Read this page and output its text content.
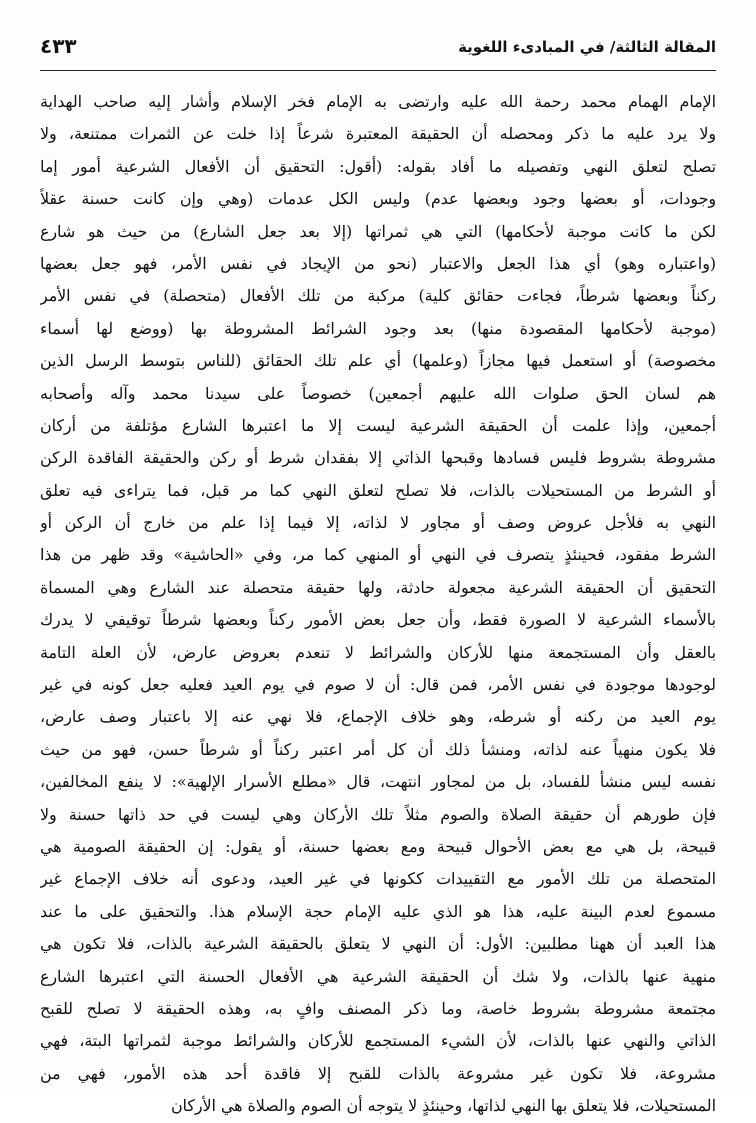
المقالة الثالثة/ في المبادىء اللغوية
٤٣٣
الإمام الهمام محمد رحمة الله عليه وارتضى به الإمام فخر الإسلام وأشار إليه صاحب الهداية
ولا يرد عليه ما ذكر ومحصله أن الحقيقة المعتبرة شرعاً إذا خلت عن الثمرات ممتنعة، ولا
تصلح لتعلق النهي وتفصيله ما أفاد بقوله: (أقول: التحقيق أن الأفعال الشرعية أمور إما
وجودات، أو بعضها وجود وبعضها عدم) وليس الكل عدمات (وهي وإن كانت حسنة عقلاً
لكن ما كانت موجبة لأحكامها) التي هي ثمراتها (إلا بعد جعل الشارع) من حيث هو شارع
(واعتباره وهو) أي هذا الجعل والاعتبار (نحو من الإيجاد في نفس الأمر، فهو جعل بعضها
ركناً وبعضها شرطاً، فجاءت حقائق كلية) مركبة من تلك الأفعال (متحصلة) في نفس الأمر
(موجبة لأحكامها المقصودة منها) بعد وجود الشرائط المشروطة بها (ووضع لها أسماء
مخصوصة) أو استعمل فيها مجازاً (وعلمها) أي علم تلك الحقائق (للناس بتوسط الرسل الذين
هم لسان الحق صلوات الله عليهم أجمعين) خصوصاً على سيدنا محمد وآله وأصحابه
أجمعين، وإذا علمت أن الحقيقة الشرعية ليست إلا ما اعتبرها الشارع مؤتلفة من أركان
مشروطة بشروط فليس فسادها وقبحها الذاتي إلا بفقدان شرط أو ركن والحقيقة الفاقدة الركن
أو الشرط من المستحيلات بالذات، فلا تصلح لتعلق النهي كما مر قبل، فما يتراءى فيه تعلق
النهي به فلأجل عروض وصف أو مجاور لا لذاته، إلا فيما إذا علم من خارج أن الركن أو
الشرط مفقود، فحينئذٍ يتصرف في النهي أو المنهي كما مر، وفي «الحاشية» وقد ظهر من هذا
التحقيق أن الحقيقة الشرعية مجعولة حادثة، ولها حقيقة متحصلة عند الشارع وهي المسماة
بالأسماء الشرعية لا الصورة فقط، وأن جعل بعض الأمور ركناً وبعضها شرطاً توقيفي لا يدرك
بالعقل وأن المستجمعة منها للأركان والشرائط لا تنعدم بعروض عارض، لأن العلة التامة
لوجودها موجودة في نفس الأمر، فمن قال: أن لا صوم في يوم العيد فعليه جعل كونه في غير
يوم العيد من ركنه أو شرطه، وهو خلاف الإجماع، فلا نهي عنه إلا باعتبار وصف عارض،
فلا يكون منهياً عنه لذاته، ومنشأ ذلك أن كل أمر اعتبر ركناً أو شرطاً حسن، فهو من حيث
نفسه ليس منشأ للفساد، بل من لمجاور انتهت، قال «مطلع الأسرار الإلهية»: لا ينفع المخالفين،
فإن طورهم أن حقيقة الصلاة والصوم مثلاً تلك الأركان وهي ليست في حد ذاتها حسنة ولا
قبيحة، بل هي مع بعض الأحوال قبيحة ومع بعضها حسنة، أو يقول: إن الحقيقة الصومية هي
المتحصلة من تلك الأمور مع التقييدات ككونها في غير العيد، ودعوى أنه خلاف الإجماع غير
مسموع لعدم البينة عليه، هذا هو الذي عليه الإمام حجة الإسلام هذا. والتحقيق على ما عند
هذا العبد أن ههنا مطلبين: الأول: أن النهي لا يتعلق بالحقيقة الشرعية بالذات، فلا تكون هي
منهية عنها بالذات، ولا شك أن الحقيقة الشرعية هي الأفعال الحسنة التي اعتبرها الشارع
مجتمعة مشروطة بشروط خاصة، وما ذكر المصنف وافٍ به، وهذه الحقيقة لا تصلح للقبح
الذاتي والنهي عنها بالذات، لأن الشيء المستجمع للأركان والشرائط موجبة لثمراتها البتة، فهي
مشروعة، فلا تكون غير مشروعة بالذات للقبح إلا فاقدة أحد هذه الأمور، فهي من
المستحيلات، فلا يتعلق بها النهي لذاتها، وحينئذٍ لا يتوجه أن الصوم والصلاة هي الأركان
